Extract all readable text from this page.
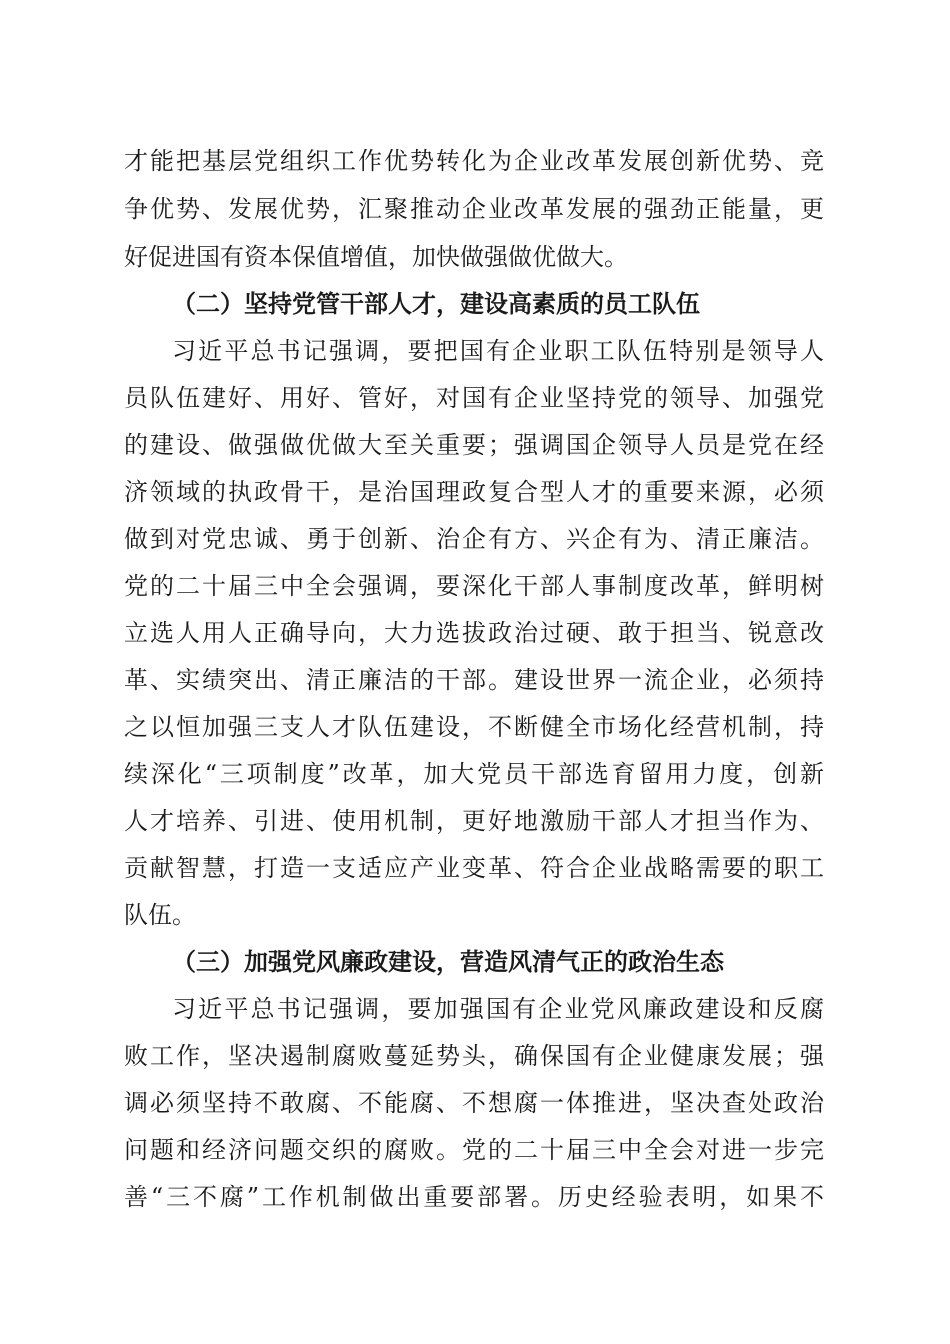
才能把基层党组织工作优势转化为企业改革发展创新优势、竞
争优势、发展优势，汇聚推动企业改革发展的强劲正能量，更
好促进国有资本保值增值，加快做强做优做大。
（二）坚持党管干部人才，建设高素质的员工队伍
习近平总书记强调，要把国有企业职工队伍特别是领导人
员队伍建好、用好、管好，对国有企业坚持党的领导、加强党
的建设、做强做优做大至关重要；强调国企领导人员是党在经
济领域的执政骨干，是治国理政复合型人才的重要来源，必须
做到对党忠诚、勇于创新、治企有方、兴企有为、清正廉洁。
党的二十届三中全会强调，要深化干部人事制度改革，鲜明树
立选人用人正确导向，大力选拔政治过硬、敢于担当、锐意改
革、实绩突出、清正廉洁的干部。建设世界一流企业，必须持
之以恒加强三支人才队伍建设，不断健全市场化经营机制，持
续深化“三项制度”改革，加大党员干部选育留用力度，创新
人才培养、引进、使用机制，更好地激励干部人才担当作为、
贡献智慧，打造一支适应产业变革、符合企业战略需要的职工
队伍。
（三）加强党风廉政建设，营造风清气正的政治生态
习近平总书记强调，要加强国有企业党风廉政建设和反腐
败工作，坚决遏制腐败蔓延势头，确保国有企业健康发展；强
调必须坚持不敢腐、不能腐、不想腐一体推进，坚决查处政治
问题和经济问题交织的腐败。党的二十届三中全会对进一步完
善“三不腐”工作机制做出重要部署。历史经验表明，如果不
